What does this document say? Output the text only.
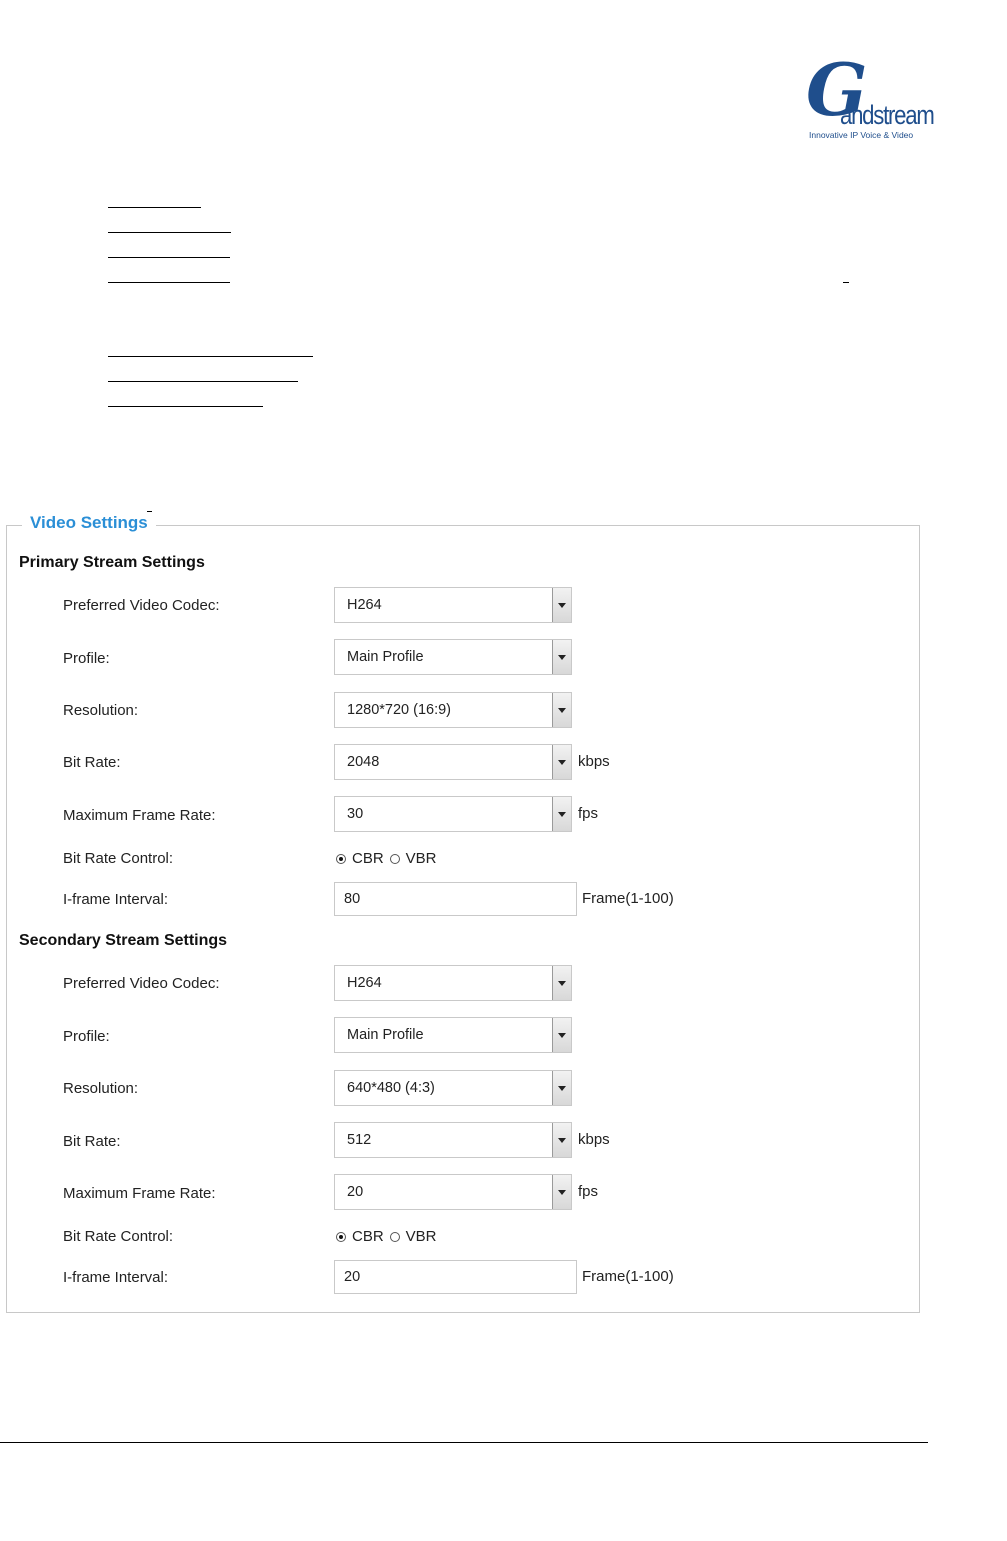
G
andstream
Innovative IP Voice & Video
Video Settings
Primary Stream Settings
Preferred Video Codec:	H264
Profile:	Main Profile
Resolution:	1280*720 (16:9)
Bit Rate:	2048	kbps
Maximum Frame Rate:	30	fps
Bit Rate Control:	CBR VBR
I-frame Interval:	80	Frame(1-100)
Secondary Stream Settings
Preferred Video Codec:	H264
Profile:	Main Profile
Resolution:	640*480 (4:3)
Bit Rate:	512	kbps
Maximum Frame Rate:	20	fps
Bit Rate Control:	CBR VBR
I-frame Interval:	20	Frame(1-100)
